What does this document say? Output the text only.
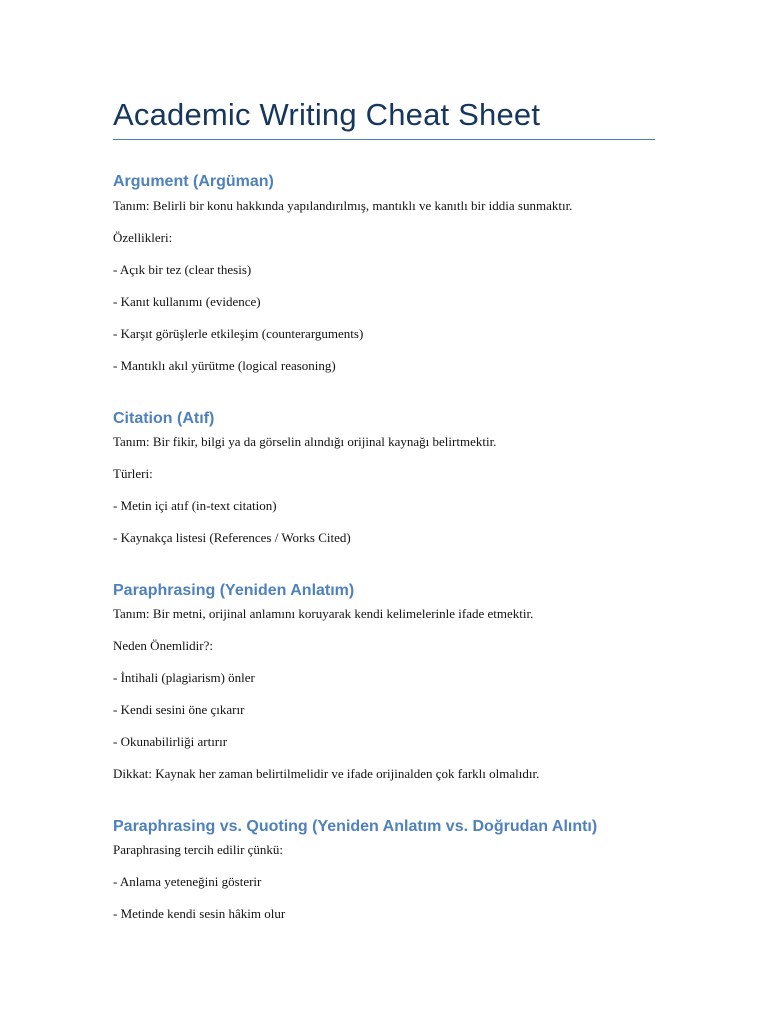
Academic Writing Cheat Sheet
Argument (Argüman)

Tanım: Belirli bir konu hakkında yapılandırılmış, mantıklı ve kanıtlı bir iddia sunmaktır.

Özellikleri:

- Açık bir tez (clear thesis)

- Kanıt kullanımı (evidence)

- Karşıt görüşlerle etkileşim (counterarguments)

- Mantıklı akıl yürütme (logical reasoning)

Citation (Atıf)

Tanım: Bir fikir, bilgi ya da görselin alındığı orijinal kaynağı belirtmektir.

Türleri:

- Metin içi atıf (in-text citation)

- Kaynakça listesi (References / Works Cited)

Paraphrasing (Yeniden Anlatım)

Tanım: Bir metni, orijinal anlamını koruyarak kendi kelimelerinle ifade etmektir.

Neden Önemlidir?:

- İntihali (plagiarism) önler

- Kendi sesini öne çıkarır

- Okunabilirliği artırır

Dikkat: Kaynak her zaman belirtilmelidir ve ifade orijinalden çok farklı olmalıdır.

Paraphrasing vs. Quoting (Yeniden Anlatım vs. Doğrudan Alıntı)

Paraphrasing tercih edilir çünkü:

- Anlama yeteneğini gösterir

- Metinde kendi sesin hâkim olur
